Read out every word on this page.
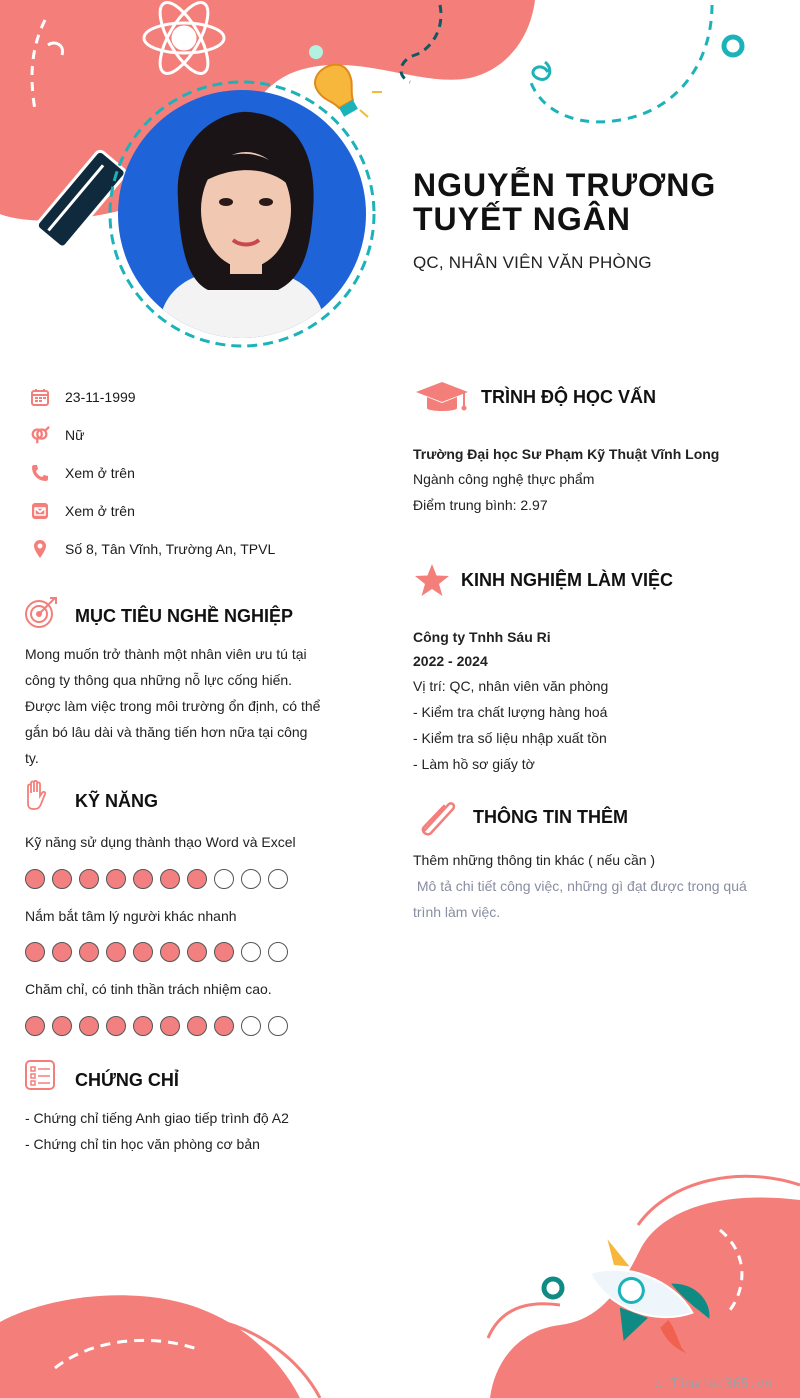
NGUYỄN TRƯƠNG
TUYẾT NGÂN
QC, NHÂN VIÊN VĂN PHÒNG
23-11-1999
Nữ
Xem ở trên
Xem ở trên
Số 8, Tân Vĩnh, Trường An, TPVL
MỤC TIÊU NGHỀ NGHIỆP
Mong muốn trở thành một nhân viên ưu tú tại
công ty thông qua những nỗ lực cống hiến.
Được làm việc trong môi trường ổn định, có thể
gắn bó lâu dài và thăng tiến hơn nữa tại công
ty.
KỸ NĂNG
Kỹ năng sử dụng thành thạo Word và Excel
Nắm bắt tâm lý người khác nhanh
Chăm chỉ, có tinh thần trách nhiệm cao.
CHỨNG CHỈ
- Chứng chỉ tiếng Anh giao tiếp trình độ A2
- Chứng chỉ tin học văn phòng cơ bản
TRÌNH ĐỘ HỌC VẤN
Trường Đại học Sư Phạm Kỹ Thuật Vĩnh Long
Ngành công nghệ thực phẩm
Điểm trung bình: 2.97
KINH NGHIỆM LÀM VIỆC
Công ty Tnhh Sáu Ri
2022 - 2024
Vị trí: QC, nhân viên văn phòng
- Kiểm tra chất lượng hàng hoá
- Kiểm tra số liệu nhập xuất tồn
- Làm hồ sơ giấy tờ
THÔNG TIN THÊM
Thêm những thông tin khác ( nếu cần )
Mô tả chi tiết công việc, những gì đạt được trong quá
trình làm việc.
∴ Timviec365.vn
